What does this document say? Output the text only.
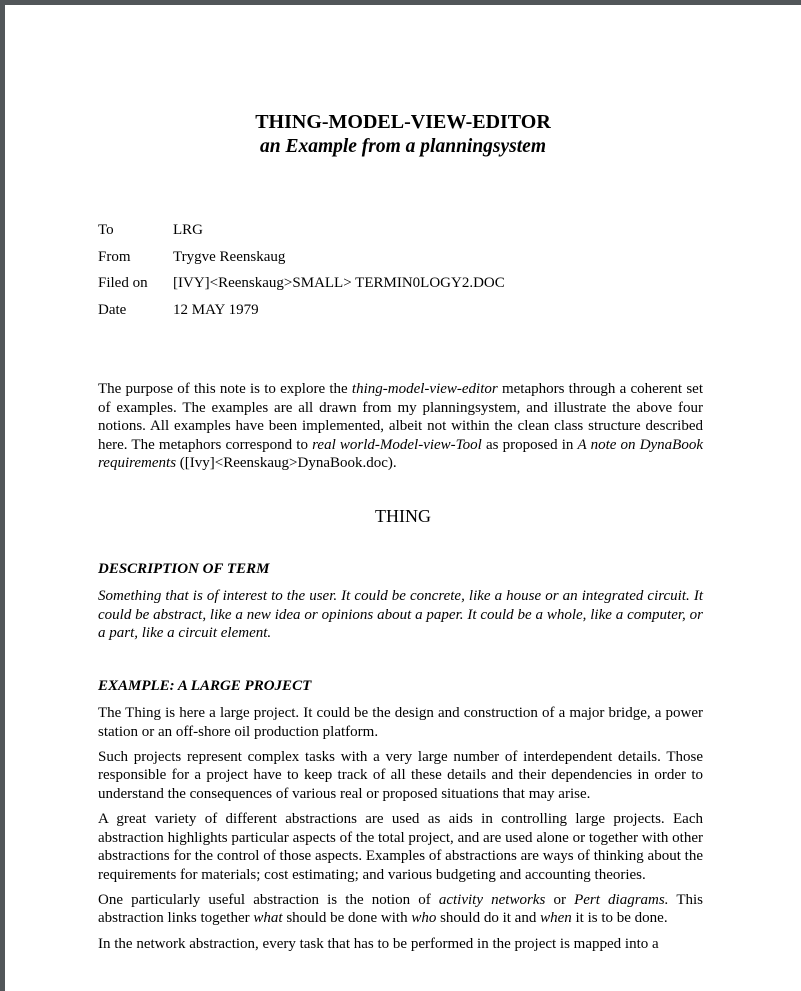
THING-MODEL-VIEW-EDITOR
an Example from a planningsystem
To	LRG
From	Trygve Reenskaug
Filed on [IVY]<Reenskaug>SMALL> TERMIN0LOGY2.DOC
Date	12 MAY 1979

The purpose of this note is to explore the thing-model-view-editor metaphors through a coherent set of examples. The examples are all drawn from my planningsystem, and illustrate the above four notions. All examples have been implemented, albeit not within the clean class structure described here. The metaphors correspond to real world-Model-view-Tool as proposed in A note on DynaBook requirements ([Ivy]<Reenskaug>DynaBook.doc).

THING
DESCRIPTION OF TERM
Something that is of interest to the user. It could be concrete, like a house or an integrated circuit. It could be abstract, like a new idea or opinions about a paper. It could be a whole, like a computer, or a part, like a circuit element.
EXAMPLE: A LARGE PROJECT

The Thing is here a large project. It could be the design and construction of a major bridge, a power station or an off-shore oil production platform.

Such projects represent complex tasks with a very large number of interdependent details. Those responsible for a project have to keep track of all these details and their dependencies in order to understand the consequences of various real or proposed situations that may arise.

A great variety of different abstractions are used as aids in controlling large projects. Each abstraction highlights particular aspects of the total project, and are used alone or together with other abstractions for the control of those aspects. Examples of abstractions are ways of thinking about the requirements for materials; cost estimating; and various budgeting and accounting theories.

One particularly useful abstraction is the notion of activity networks or Pert diagrams. This abstraction links together what should be done with who should do it and when it is to be done.

In the network abstraction, every task that has to be performed in the project is mapped into a
